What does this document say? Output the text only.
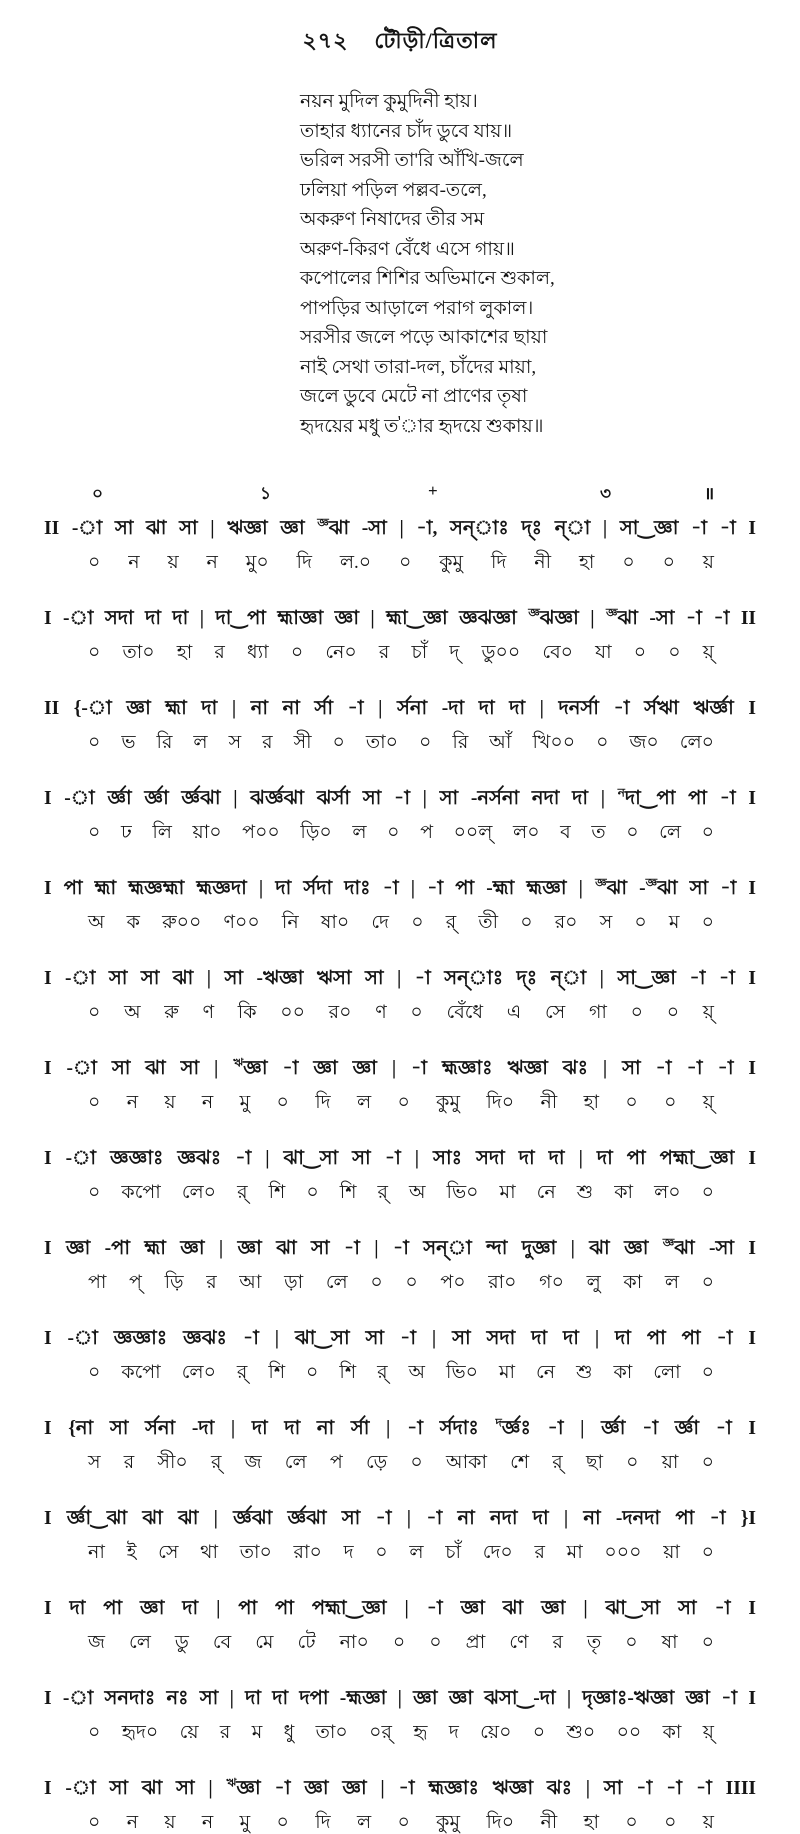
২৭২ টৌড়ী/ত্রিতাল
নয়ন মুদিল কুমুদিনী হায়।
তাহার ধ্যানের চাঁদ ডুবে যায়॥
ভরিল সরসী তা'রি আঁখি-জলে
ঢলিয়া পড়িল পল্লব-তলে,
অকরুণ নিষাদের তীর সম
অরুণ-কিরণ বেঁধে এসে গায়॥
কপোলের শিশির অভিমানে শুকাল,
পাপড়ির আড়ালে পরাগ লুকাল।
সরসীর জলে পড়ে আকাশের ছায়া
নাই সেথা তারা-দল, চাঁদের মায়া,
জলে ডুবে মেটে না প্রাণের তৃষা
হৃদয়ের মধু ত'ার হৃদয়ে শুকায়॥
০	১	+	৩	॥
II -া সা ঝা সা | ঋজ্ঞা জ্ঞা $^{জ্ঞ}$ঝা -সা | -া, সন্‌াঃ দ্‌ঃ ন্‌া | সা‿জ্ঞা -া -া I
০ ন য় ন মু০ দি ল.০ ০ কুমু দি নী হা ০ ০ য়
I -া সদা দা দা | দা‿পা হ্মাজ্ঞা জ্ঞা | হ্মা‿জ্ঞা জ্ঞঝজ্ঞা $^{জ্ঞ}$ঝজ্ঞা | $^{জ্ঞ}$ঝা -সা -া -া II
০ তা০ হা র ধ্যা ০ নে০ র চাঁ দ্ ডু০০ বে০ যা ০ ০ য়্
II {-া জ্ঞা হ্মা দা | না না র্সা -া | র্সনা -দা দা দা | দনর্সা -া র্সঋা ঋর্জ্ঞা I
০ ভ রি ল স র সী ০ তা০ ০ রি আঁ খি০০ ০ জ০ লে০
I -া র্জ্ঞা র্জ্ঞা র্জ্ঞঝা | ঝর্জ্ঞঝা ঝর্সা সা -া | সা -নর্সনা নদা দা | $^ন$দা‿পা পা -া I
০ ঢ লি য়া০ প০০ ড়ি০ ল ০ প ০০ল্ ল০ ব ত ০ লে ০
I পা হ্মা হ্মজ্ঞহ্মা হ্মজ্ঞদা | দা র্সদা দাঃ -া | -া পা -হ্মা হ্মজ্ঞা | $^{জ্ঞ}$ঝা -$^{জ্ঞ}$ঝা সা -া I
অ ক রু০০ ণ০০ নি ষা০ দে ০ র্ তী ০ র০ স ০ ম ০
I -া সা সা ঝা | সা -ঋজ্ঞা ঋসা সা | -া সন্‌াঃ দ্‌ঃ ন্‌া | সা‿জ্ঞা -া -া I
০ অ রু ণ কি ০০ র০ ণ ০ বেঁধে এ সে গা ০ ০ য়্
I -া সা ঝা সা | $^ঋ$জ্ঞা -া জ্ঞা জ্ঞা | -া হ্মজ্ঞাঃ ঋজ্ঞা ঝঃ | সা -া -া -া I
০ ন য় ন মু ০ দি ল ০ কুমু দি০ নী হা ০ ০ য়্
I -া জ্ঞজ্ঞাঃ জ্ঞঝঃ -া | ঝা‿সা সা -া | সাঃ সদা দা দা | দা পা পহ্মা‿জ্ঞা I
০ কপো লে০ র্ শি ০ শি র্ অ ভি০ মা নে শু কা ল০ ০
I জ্ঞা -পা হ্মা জ্ঞা | জ্ঞা ঝা সা -া | -া সন্‌া ন্দা দুজ্ঞা | ঝা জ্ঞা $^{জ্ঞ}$ঝা -সা I
পা প্ ড়ি র আ ড়া লে ০ ০ প০ রা০ গ০ লু কা ল ০
I -া জ্ঞজ্ঞাঃ জ্ঞঝঃ -া | ঝা‿সা সা -া | সা সদা দা দা | দা পা পা -া I
০ কপো লে০ র্ শি ০ শি র্ অ ভি০ মা নে শু কা লো ০
I {না সা র্সনা -দা | দা দা না র্সা | -া র্সদাঃ $^দ$র্জ্ঞঃ -া | র্জ্ঞা -া র্জ্ঞা -া I
স র সী০ র্ জ লে প ড়ে ০ আকা শে র্ ছা ০ য়া ০
I র্জ্ঞা‿ঝা ঝা ঝা | র্জ্ঞঝা র্জ্ঞঝা সা -া | -া না নদা দা | না -দনদা পা -া }I
না ই সে থা তা০ রা০ দ ০ ল চাঁ দে০ র মা ০০০ য়া ০
I দা পা জ্ঞা দা | পা পা পহ্মা‿জ্ঞা | -া জ্ঞা ঝা জ্ঞা | ঝা‿সা সা -া I
জ লে ডু বে মে টে না০ ০ ০ প্রা ণে র তৃ ০ ষা ০
I -া সনদাঃ নঃ সা | দা দা দপা -হ্মজ্ঞা | জ্ঞা জ্ঞা ঝসা‿-দা | দৃজ্ঞাঃ-ঋজ্ঞা জ্ঞা -া I
০ হৃদ০ য়ে র ম ধু তা০ ০র্ হৃ দ য়ে০ ০ শু০ ০০ কা য়্
I -া সা ঝা সা | $^ঋ$জ্ঞা -া জ্ঞা জ্ঞা | -া হ্মজ্ঞাঃ ঋজ্ঞা ঝঃ | সা -া -া -া IIII
০ ন য় ন মু ০ দি ল ০ কুমু দি০ নী হা ০ ০ য়
